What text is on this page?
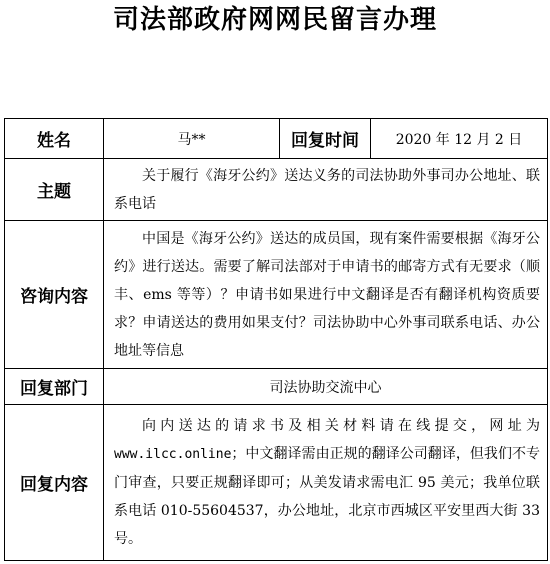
司法部政府网网民留言办理
姓名	马**	回复时间	2020 年 12 月 2 日
主题	关于履行《海牙公约》送达义务的司法协助外事司办公地址、联系电话		
咨询内容	中国是《海牙公约》送达的成员国，现有案件需要根据《海牙公约》进行送达。需要了解司法部对于申请书的邮寄方式有无要求（顺丰、ems 等等）？申请书如果进行中文翻译是否有翻译机构资质要求？申请送达的费用如果支付？司法协助中心外事司联系电话、办公地址等信息		
回复部门	司法协助交流中心		
回复内容	向内送达的请求书及相关材料请在线提交，网址为www.ilcc.online；中文翻译需由正规的翻译公司翻译，但我们不专门审查，只要正规翻译即可；从美发请求需电汇 95 美元；我单位联系电话 010-55604537，办公地址，北京市西城区平安里西大街 33 号。		
